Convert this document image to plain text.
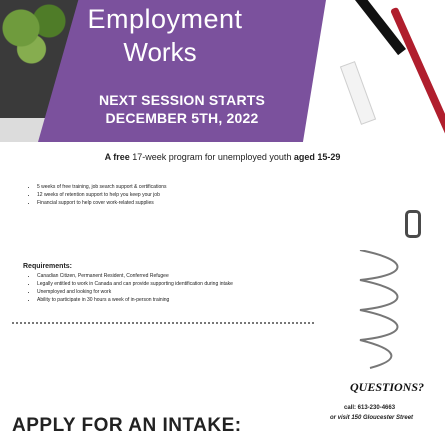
Employment
Works
NEXT SESSION STARTS
DECEMBER 5TH, 2022
A free 17-week program for unemployed youth aged 15-29
• 5 weeks of free training, job search support & certifications
• 12 weeks of retention support to help you keep your job
• Financial support to help cover work-related supplies
Requirements:
• Canadian Citizen, Permanent Resident, Conferred Refugee
• Legally entitled to work in Canada and can provide supporting identification during intake
• Unemployed and looking for work
• Ability to participate in 30 hours a week of in-person training
APPLY FOR AN INTAKE:
QUESTIONS?
call: 613-230-4663
or visit 150 Gloucester Street
